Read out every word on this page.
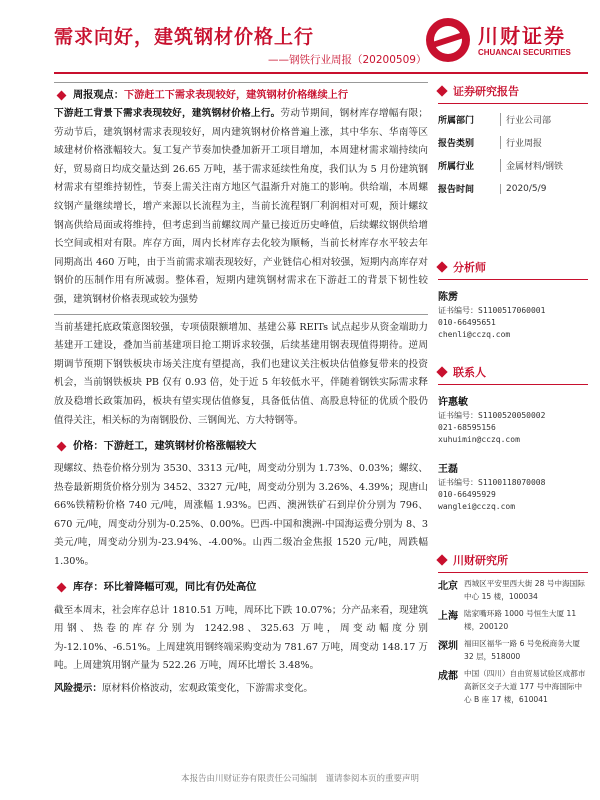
需求向好，建筑钢材价格上行
——钢铁行业周报（20200509）
川财证券
CHUANCAI SECURITIES
周报观点： 下游赶工下需求表现较好，建筑钢材价格继续上行

下游赶工背景下需求表现较好，建筑钢材价格上行。劳动节期间，钢材库存增幅有限；劳动节后，建筑钢材需求表现较好，周内建筑钢材价格普遍上涨，其中华东、华南等区域建材价格涨幅较大。复工复产节奏加快叠加新开工项目增加，本周建材需求端持续向好，贸易商日均成交量达到 26.65 万吨，基于需求延续性角度，我们认为 5 月份建筑钢材需求有望维持韧性，节奏上需关注南方地区气温渐升对施工的影响。供给端，本周螺纹钢产量继续增长，增产来源以长流程为主，当前长流程钢厂利润相对可观，预计螺纹钢高供给局面或将维持，但考虑到当前螺纹周产量已接近历史峰值，后续螺纹钢供给增长空间或相对有限。库存方面，周内长材库存去化较为顺畅，当前长材库存水平较去年同期高出 460 万吨，由于当前需求端表现较好，产业链信心相对较强，短期内高库存对钢价的压制作用有所减弱。整体看，短期内建筑钢材需求在下游赶工的背景下韧性较强，建筑钢材价格表现或较为强势

当前基建托底政策意图较强，专项债限额增加、基建公募 REITs 试点起步从资金端助力基建开工建设，叠加当前基建项目抢工期诉求较强，后续基建用钢表现值得期待。逆周期调节预期下钢铁板块市场关注度有望提高，我们也建议关注板块估值修复带来的投资机会，当前钢铁板块 PB 仅有 0.93 倍，处于近 5 年较低水平，伴随着钢铁实际需求释放及稳增长政策加码，板块有望实现估值修复，具备低估值、高股息特征的优质个股仍值得关注，相关标的为南钢股份、三钢闽光、方大特钢等。

价格： 下游赶工，建筑钢材价格涨幅较大

现螺纹、热卷价格分别为 3530、3313 元/吨，周变动分别为 1.73%、0.03%；螺纹、热卷最新期货价格分别为 3452、3327 元/吨，周变动分别为 3.26%、4.39%；现唐山 66%铁精粉价格 740 元/吨，周涨幅 1.93%。巴西、澳洲铁矿石到岸价分别为 796、670 元/吨，周变动分别为-0.25%、0.00%。巴西-中国和澳洲-中国海运费分别为 8、3 美元/吨，周变动分别为-23.94%、-4.00%。山西二级冶金焦报 1520 元/吨，周跌幅 1.30%。

库存： 环比着降幅可观，同比有仍处高位

截至本周末，社会库存总计 1810.51 万吨，周环比下跌 10.07%；分产品来看，现建筑用钢、热卷的库存分别为 1242.98、325.63 万吨，周变动幅度分别为-12.10%、-6.51%。上周建筑用钢终端采购变动为 781.67 万吨，周变动 148.17 万吨。上周建筑用钢产量为 522.26 万吨，周环比增长 3.48%。

风险提示：原材料价格波动，宏观政策变化，下游需求变化。

证券研究报告
所属部门	行业公司部
报告类别	行业周报
所属行业	金属材料/钢铁
报告时间	2020/5/9
分析师
陈雳
证书编号：S1100517060001
010-66495651
chenli@cczq.com
联系人
许惠敏
证书编号：S1100520050002
021-68595156
xuhuimin@cczq.com
王磊
证书编号：S1100118070008
010-66495929
wanglei@cczq.com
川财研究所
北京 西城区平安里西大街 28 号中海国际中心 15 楼，100034
上海 陆家嘴环路 1000 号恒生大厦 11 楼，200120
深圳 福田区福华一路 6 号免税商务大厦 32 层，518000
成都 中国（四川）自由贸易试验区成都市高新区交子大道 177 号中海国际中心 B 座 17 楼，610041
本报告由川财证券有限责任公司编制　谨请参阅本页的重要声明
